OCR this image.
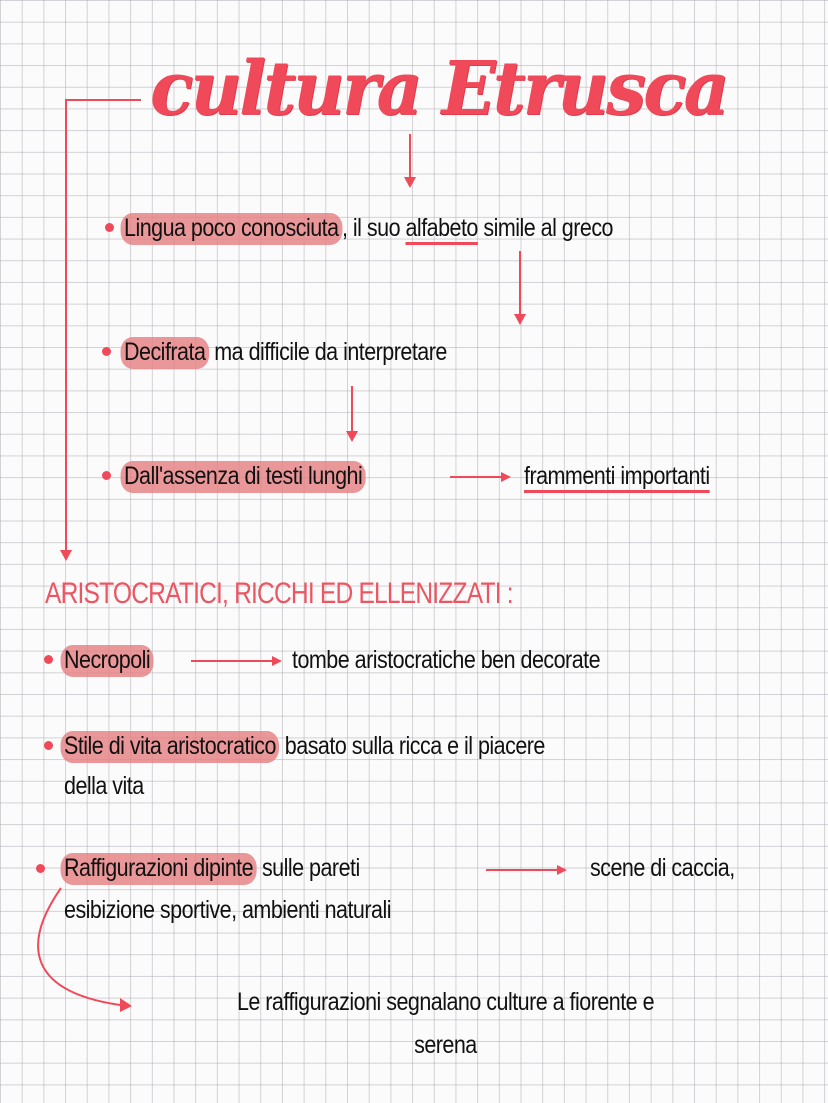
cultura Etrusca
Lingua poco conosciuta , il suo alfabeto simile al greco
Decifrata ma difficile da interpretare
Dall'assenza di testi lunghi	frammenti importanti
ARISTOCRATICI, RICCHI ED ELLENIZZATI :
Necropoli	tombe aristocratiche ben decorate
Stile di vita aristocratico basato sulla ricca e il piacere
della vita
Raffigurazioni dipinte sulle pareti	scene di caccia,
esibizione sportive, ambienti naturali
Le raffigurazioni segnalano culture a fiorente e
serena
